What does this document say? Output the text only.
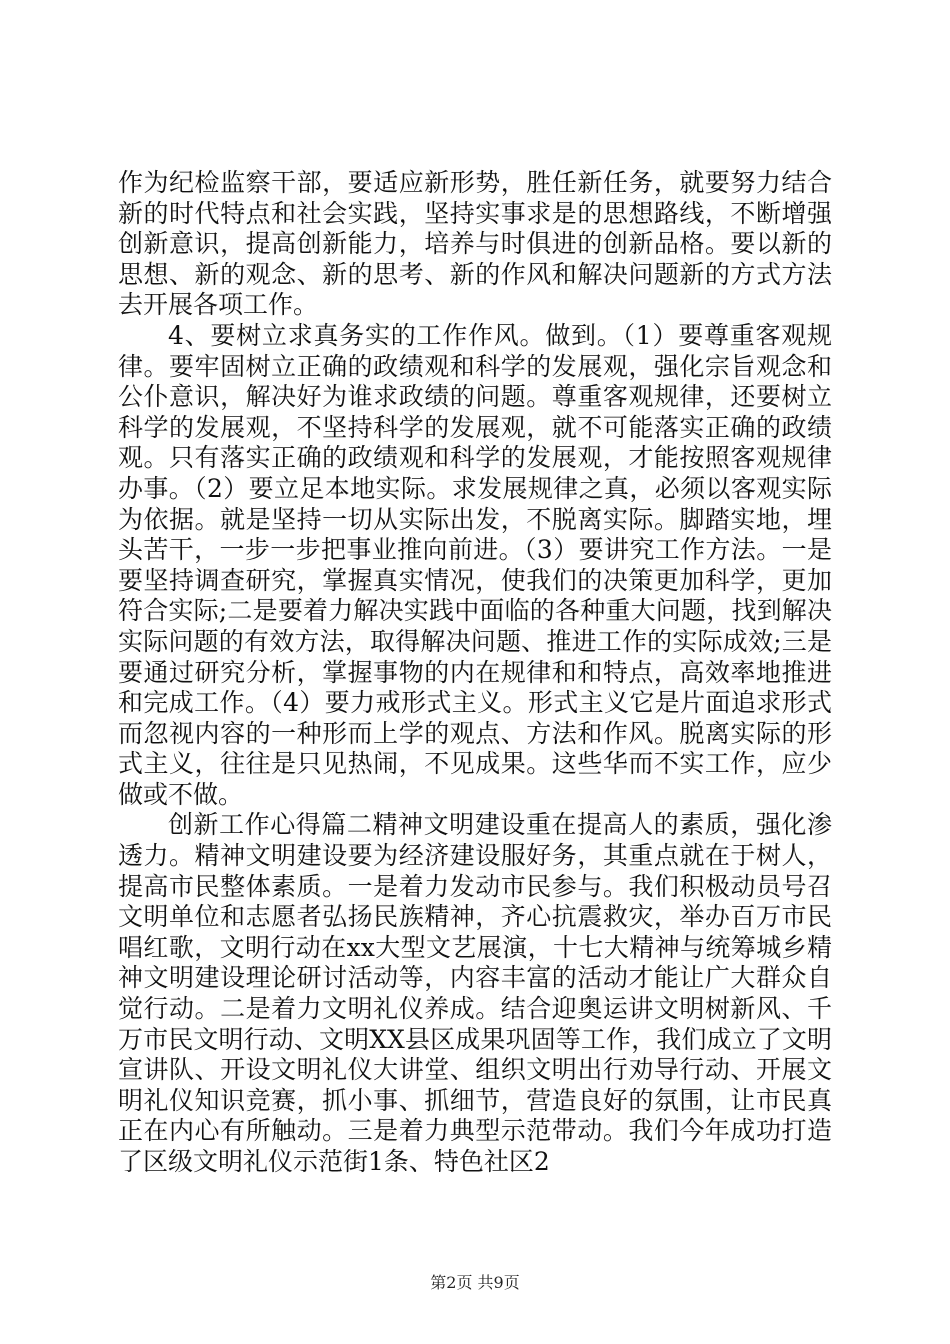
作为纪检监察干部，要适应新形势，胜任新任务，就要努力结合新的时代特点和社会实践，坚持实事求是的思想路线，不断增强创新意识，提高创新能力，培养与时俱进的创新品格。要以新的思想、新的观念、新的思考、新的作风和解决问题新的方式方法去开展各项工作。

4、要树立求真务实的工作作风。做到。（1）要尊重客观规律。要牢固树立正确的政绩观和科学的发展观，强化宗旨观念和公仆意识，解决好为谁求政绩的问题。尊重客观规律，还要树立科学的发展观，不坚持科学的发展观，就不可能落实正确的政绩观。只有落实正确的政绩观和科学的发展观，才能按照客观规律办事。（2）要立足本地实际。求发展规律之真，必须以客观实际为依据。就是坚持一切从实际出发，不脱离实际。脚踏实地，埋头苦干，一步一步把事业推向前进。（3）要讲究工作方法。一是要坚持调查研究，掌握真实情况，使我们的决策更加科学，更加符合实际;二是要着力解决实践中面临的各种重大问题，找到解决实际问题的有效方法，取得解决问题、推进工作的实际成效;三是要通过研究分析，掌握事物的内在规律和和特点，高效率地推进和完成工作。（4）要力戒形式主义。形式主义它是片面追求形式而忽视内容的一种形而上学的观点、方法和作风。脱离实际的形式主义，往往是只见热闹，不见成果。这些华而不实工作，应少做或不做。

创新工作心得篇二精神文明建设重在提高人的素质，强化渗透力。精神文明建设要为经济建设服好务，其重点就在于树人，提高市民整体素质。一是着力发动市民参与。我们积极动员号召文明单位和志愿者弘扬民族精神，齐心抗震救灾，举办百万市民唱红歌，文明行动在xx大型文艺展演，十七大精神与统筹城乡精神文明建设理论研讨活动等，内容丰富的活动才能让广大群众自觉行动。二是着力文明礼仪养成。结合迎奥运讲文明树新风、千万市民文明行动、文明XX县区成果巩固等工作，我们成立了文明宣讲队、开设文明礼仪大讲堂、组织文明出行劝导行动、开展文明礼仪知识竞赛，抓小事、抓细节，营造良好的氛围，让市民真正在内心有所触动。三是着力典型示范带动。我们今年成功打造了区级文明礼仪示范街1条、特色社区2

第2页 共9页
